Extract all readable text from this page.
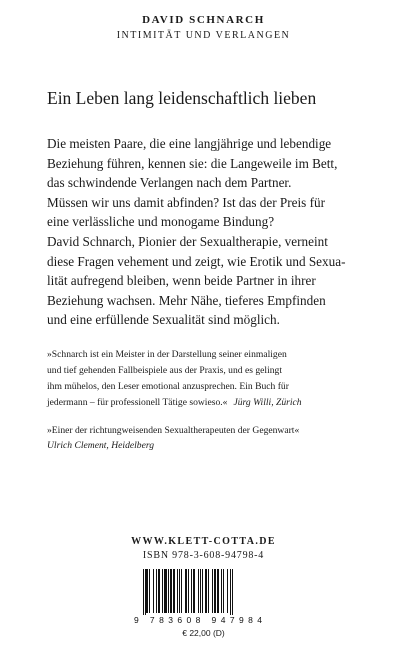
DAVID SCHNARCH
INTIMITÄT UND VERLANGEN
Ein Leben lang leidenschaftlich lieben
Die meisten Paare, die eine langjährige und lebendige
Beziehung führen, kennen sie: die Langeweile im Bett,
das schwindende Verlangen nach dem Partner.
Müssen wir uns damit abfinden? Ist das der Preis für
eine verlässliche und monogame Bindung?
David Schnarch, Pionier der Sexualtherapie, verneint
diese Fragen vehement und zeigt, wie Erotik und Sexua-
lität aufregend bleiben, wenn beide Partner in ihrer
Beziehung wachsen. Mehr Nähe, tieferes Empfinden
und eine erfüllende Sexualität sind möglich.
»Schnarch ist ein Meister in der Darstellung seiner einmaligen
und tief gehenden Fallbeispiele aus der Praxis, und es gelingt
ihm mühelos, den Leser emotional anzusprechen. Ein Buch für
jedermann – für professionell Tätige sowieso.« Jürg Willi, Zürich
»Einer der richtungweisenden Sexualtherapeuten der Gegenwart«
Ulrich Clement, Heidelberg
WWW.KLETT-COTTA.DE
ISBN 978-3-608-94798-4
9 783608 947984
€ 22,00 (D)
